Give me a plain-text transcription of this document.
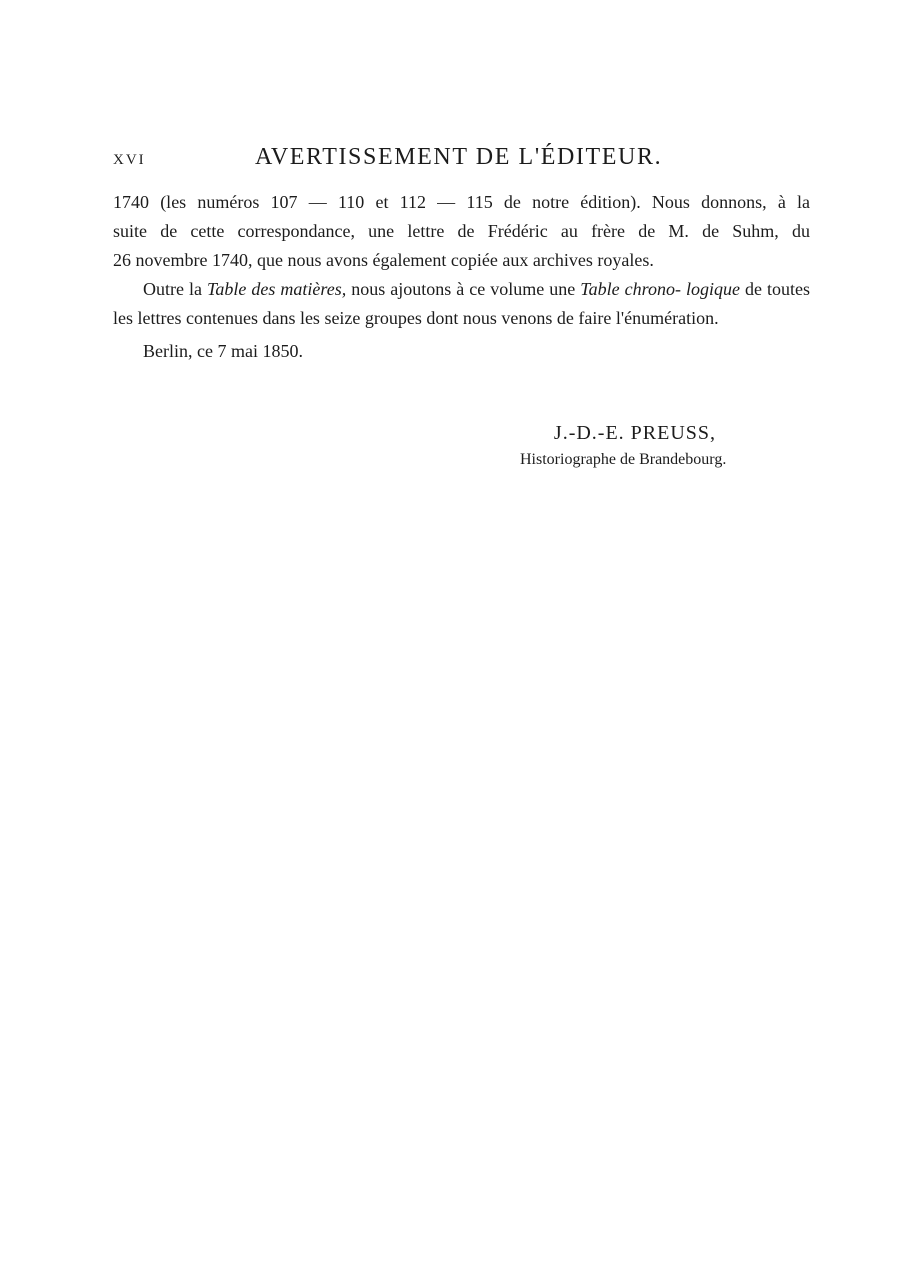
XVI	AVERTISSEMENT DE L'ÉDITEUR.

1740 (les numéros 107 — 110 et 112 — 115 de notre édition). Nous donnons, à la
suite de cette correspondance, une lettre de Frédéric au frère de M. de Suhm, du
26 novembre 1740, que nous avons également copiée aux archives royales.

Outre la Table des matières, nous ajoutons à ce volume une Table chrono- logique de toutes les lettres contenues dans les seize groupes dont nous venons de faire l'énumération.

Berlin, ce 7 mai 1850.

J.-D.-E. PREUSS,
Historiographe de Brandebourg.
